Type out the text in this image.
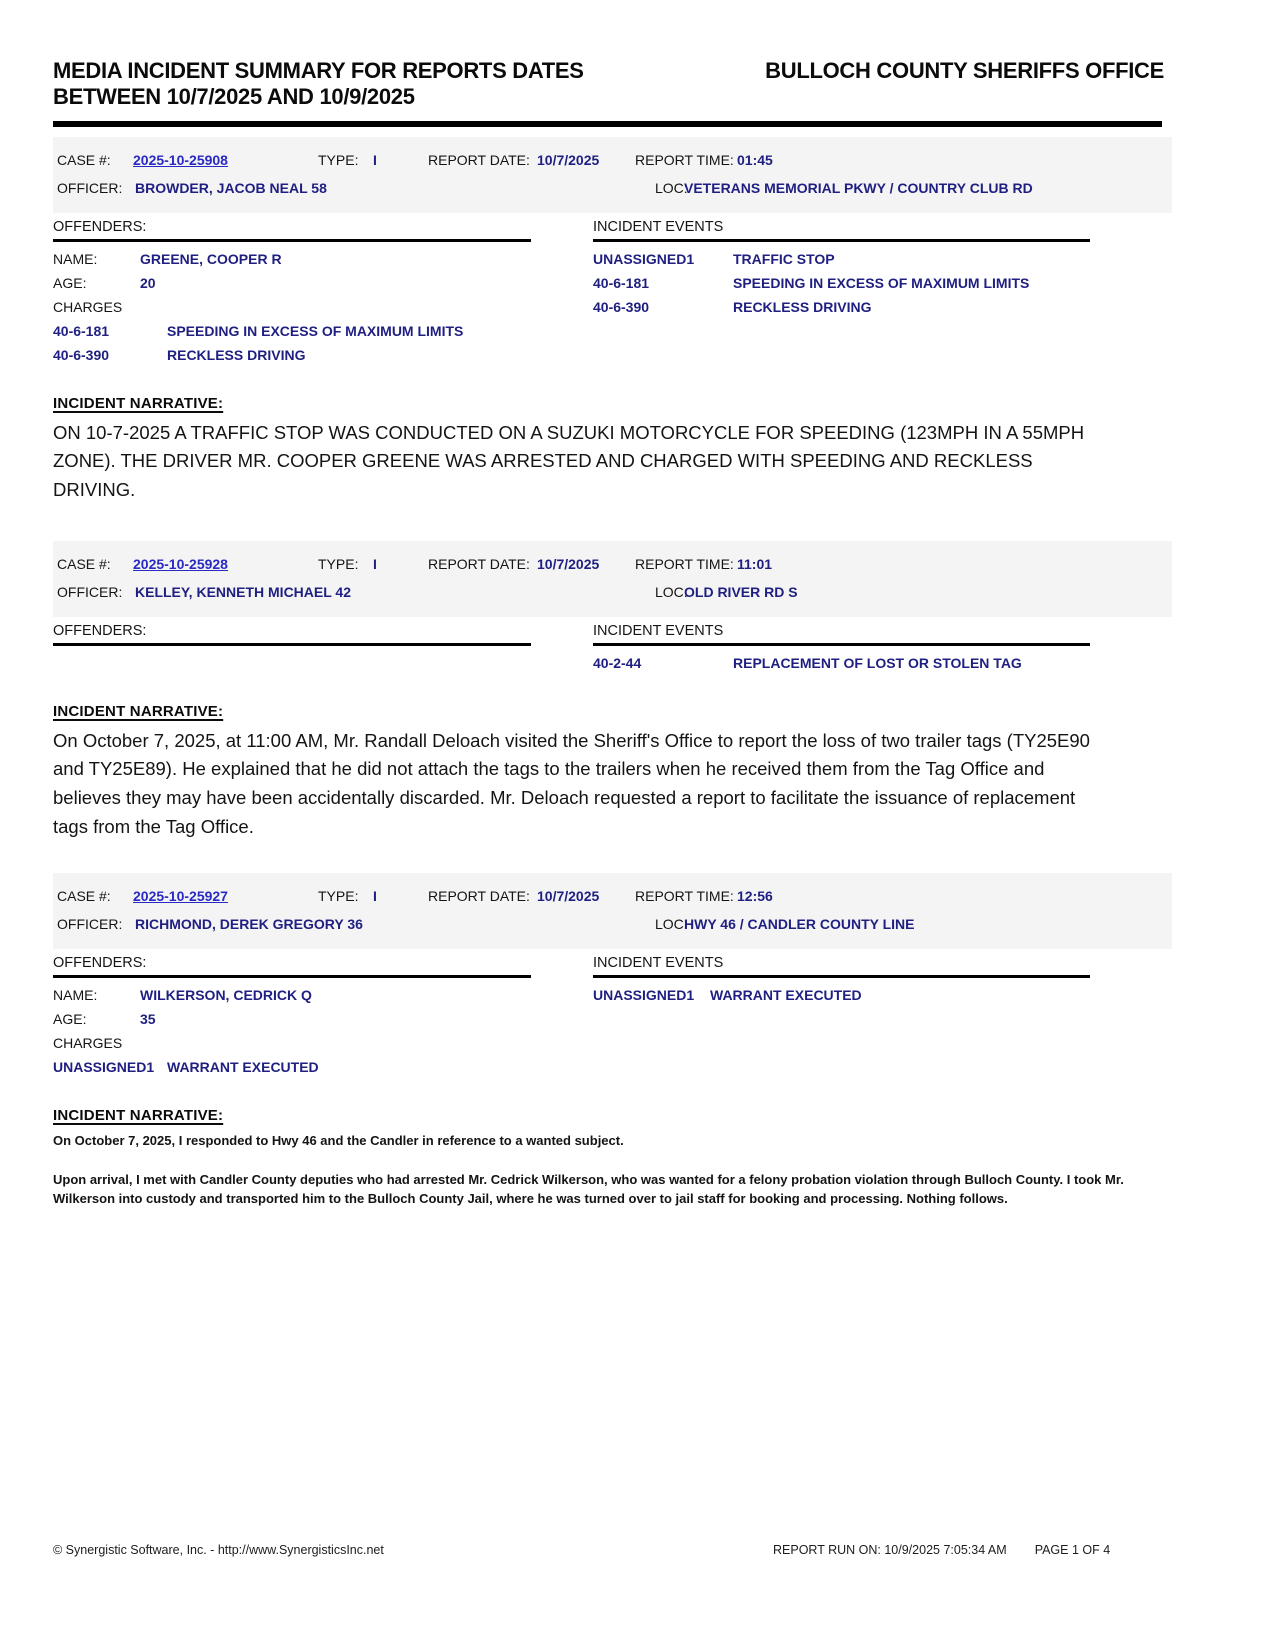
MEDIA INCIDENT SUMMARY FOR REPORTS DATES
BETWEEN 10/7/2025 AND 10/9/2025
BULLOCH COUNTY SHERIFFS OFFICE
CASE #: 2025-10-25908	TYPE: I	REPORT DATE: 10/7/2025	REPORT TIME: 01:45
OFFICER: BROWDER, JACOB NEAL 58	LOC:
VETERANS MEMORIAL PKWY / COUNTRY CLUB RD
OFFENDERS:
NAME:	GREENE, COOPER R
AGE:	20
CHARGES
40-6-181	SPEEDING IN EXCESS OF MAXIMUM LIMITS
40-6-390	RECKLESS DRIVING
INCIDENT EVENTS
UNASSIGNED1	TRAFFIC STOP
40-6-181	SPEEDING IN EXCESS OF MAXIMUM LIMITS
40-6-390	RECKLESS DRIVING
INCIDENT NARRATIVE:
ON 10-7-2025 A TRAFFIC STOP WAS CONDUCTED ON A SUZUKI MOTORCYCLE FOR SPEEDING (123MPH IN A 55MPH ZONE). THE DRIVER MR. COOPER GREENE WAS ARRESTED AND CHARGED WITH SPEEDING AND RECKLESS DRIVING.
CASE #: 2025-10-25928	TYPE: I	REPORT DATE: 10/7/2025	REPORT TIME: 11:01
OFFICER: KELLEY, KENNETH MICHAEL 42	LOC:
OLD RIVER RD S
OFFENDERS:	INCIDENT EVENTS
40-2-44	REPLACEMENT OF LOST OR STOLEN TAG
INCIDENT NARRATIVE:
On October 7, 2025, at 11:00 AM, Mr. Randall Deloach visited the Sheriff's Office to report the loss of two trailer tags (TY25E90 and TY25E89). He explained that he did not attach the tags to the trailers when he received them from the Tag Office and believes they may have been accidentally discarded. Mr. Deloach requested a report to facilitate the issuance of replacement tags from the Tag Office.
CASE #: 2025-10-25927	TYPE: I	REPORT DATE: 10/7/2025	REPORT TIME: 12:56
OFFICER: RICHMOND, DEREK GREGORY 36	LOC:
HWY 46 / CANDLER COUNTY LINE
OFFENDERS:
NAME:	WILKERSON, CEDRICK Q
AGE:	35
CHARGES
UNASSIGNED1 WARRANT EXECUTED
INCIDENT EVENTS
UNASSIGNED1	WARRANT EXECUTED
INCIDENT NARRATIVE:

On October 7, 2025, I responded to Hwy 46 and the Candler in reference to a wanted subject.

Upon arrival, I met with Candler County deputies who had arrested Mr. Cedrick Wilkerson, who was wanted for a felony probation violation through Bulloch County. I took Mr. Wilkerson into custody and transported him to the Bulloch County Jail, where he was turned over to jail staff for booking and processing. Nothing follows.

© Synergistic Software, Inc. - http://www.SynergisticsInc.net	REPORT RUN ON: 10/9/2025 7:05:34 AM PAGE 1 OF 4
